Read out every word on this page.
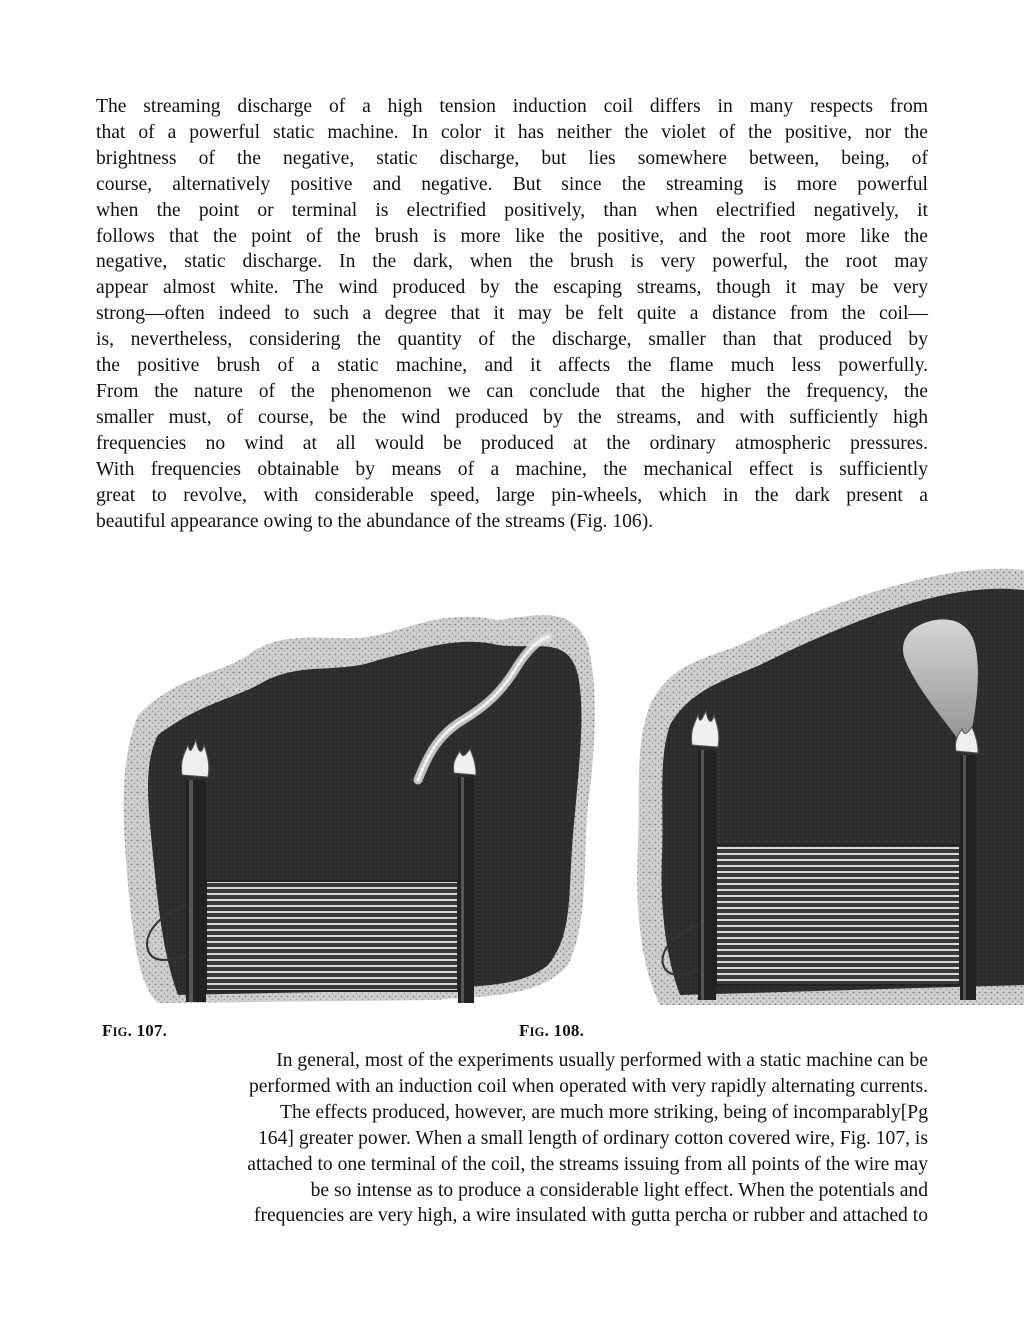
The streaming discharge of a high tension induction coil differs in many respects from
that of a powerful static machine. In color it has neither the violet of the positive, nor the
brightness of the negative, static discharge, but lies somewhere between, being, of
course, alternatively positive and negative. But since the streaming is more powerful
when the point or terminal is electrified positively, than when electrified negatively, it
follows that the point of the brush is more like the positive, and the root more like the
negative, static discharge. In the dark, when the brush is very powerful, the root may
appear almost white. The wind produced by the escaping streams, though it may be very
strong—often indeed to such a degree that it may be felt quite a distance from the coil—
is, nevertheless, considering the quantity of the discharge, smaller than that produced by
the positive brush of a static machine, and it affects the flame much less powerfully.
From the nature of the phenomenon we can conclude that the higher the frequency, the
smaller must, of course, be the wind produced by the streams, and with sufficiently high
frequencies no wind at all would be produced at the ordinary atmospheric pressures.
With frequencies obtainable by means of a machine, the mechanical effect is sufficiently
great to revolve, with considerable speed, large pin-wheels, which in the dark present a
beautiful appearance owing to the abundance of the streams (Fig. 106).
FIG. 107.	FIG. 108.
In general, most of the experiments usually performed with a static machine can be
performed with an induction coil when operated with very rapidly alternating currents.
The effects produced, however, are much more striking, being of incomparably[Pg
164] greater power. When a small length of ordinary cotton covered wire, Fig. 107, is
attached to one terminal of the coil, the streams issuing from all points of the wire may
be so intense as to produce a considerable light effect. When the potentials and
frequencies are very high, a wire insulated with gutta percha or rubber and attached to
